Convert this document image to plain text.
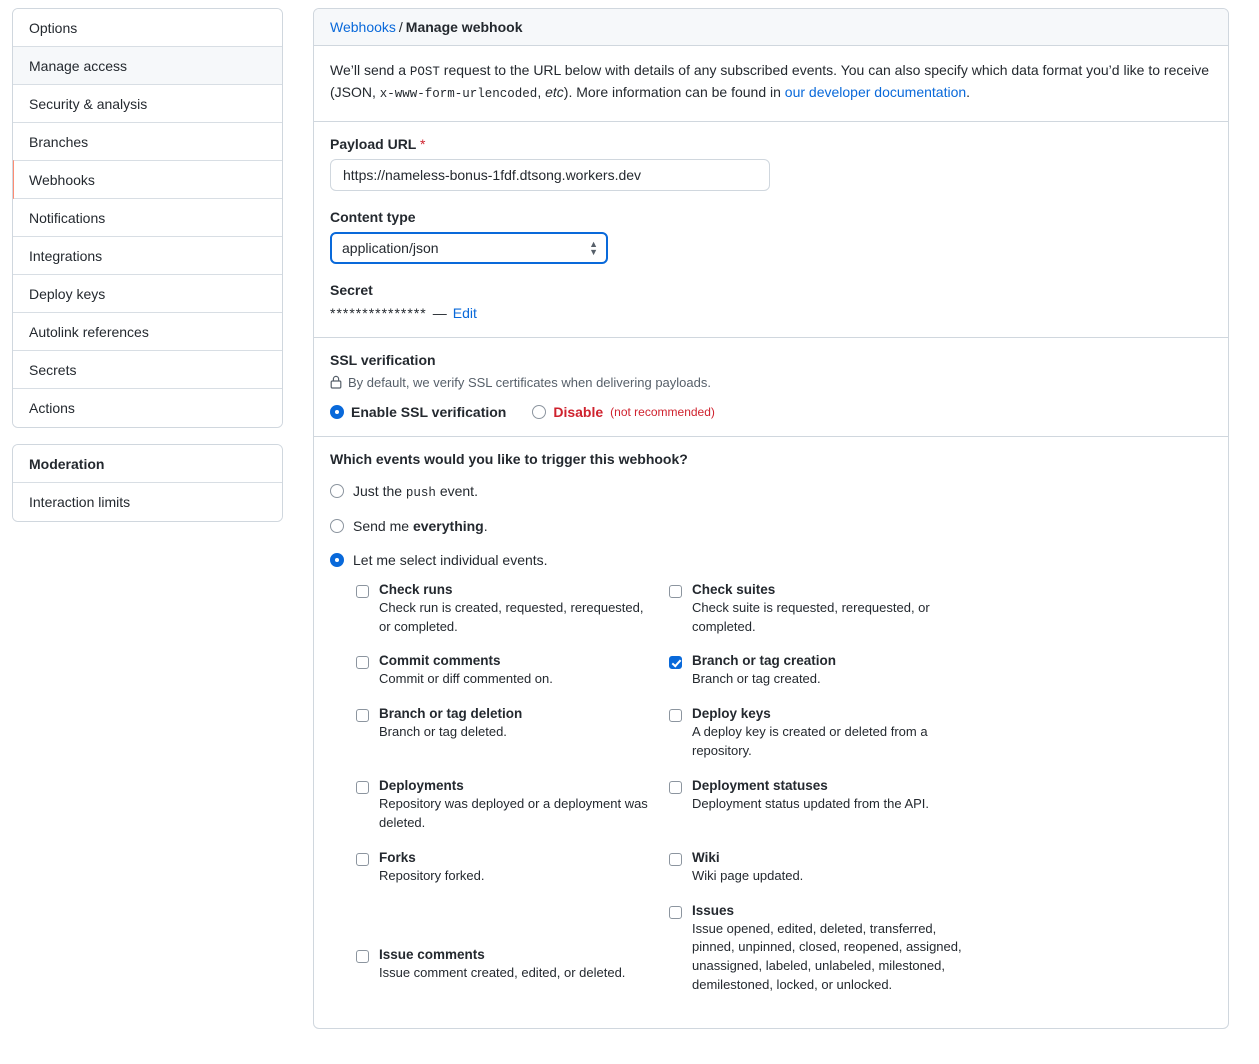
Options
Manage access
Security & analysis
Branches
Webhooks
Notifications
Integrations
Deploy keys
Autolink references
Secrets
Actions
Moderation
Interaction limits
Webhooks / Manage webhook
We’ll send a POST request to the URL below with details of any subscribed events. You can also specify which data format you’d like to receive (JSON, x-www-form-urlencoded, etc). More information can be found in our developer documentation.
Payload URL *
https://nameless-bonus-1fdf.dtsong.workers.dev
Content type
application/json
▲
▼
Secret
*************** — Edit
SSL verification
By default, we verify SSL certificates when delivering payloads.
Enable SSL verification	Disable (not recommended)
Which events would you like to trigger this webhook?
Just the push event.
Send me everything.
Let me select individual events.
Check runs
Check run is created, requested, rerequested, or completed.
Check suites
Check suite is requested, rerequested, or completed.
Commit comments
Commit or diff commented on.
Branch or tag creation
Branch or tag created.
Branch or tag deletion
Branch or tag deleted.
Deploy keys
A deploy key is created or deleted from a repository.
Deployments
Repository was deployed or a deployment was deleted.
Deployment statuses
Deployment status updated from the API.
Forks
Repository forked.
Wiki
Wiki page updated.
Issue comments
Issue comment created, edited, or deleted.
Issues
Issue opened, edited, deleted, transferred, pinned, unpinned, closed, reopened, assigned, unassigned, labeled, unlabeled, milestoned, demilestoned, locked, or unlocked.
